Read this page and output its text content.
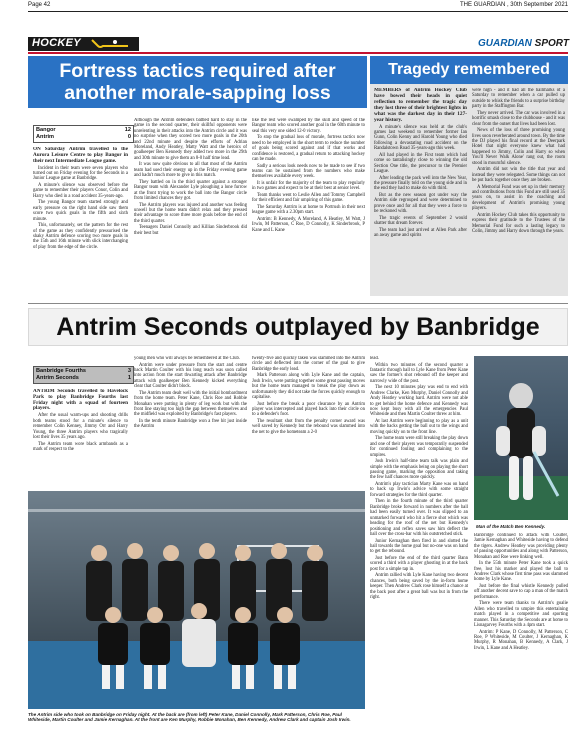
Page 42	THE GUARDIAN , 30th September 2021
HOCKEY	GUARDIAN SPORT
Fortress tactics required after
another morale-sapping loss
Bangor	12
Antrim	0

ON Saturday Antrim travelled to the Aurora Leisure Centre to play Bangor in their next Intermediate League game.

Incident in their team were seven players who turned out on Friday evening for the Seconds in a Junior League game at Banbridge.

A minute's silence was observed before the game to remember their players Conor, Colin and Harry who died in a road accident 35-years-ago.

The young Bangor team started strongly and early pressure on the right hand side saw them score two quick goals in the fifth and sixth minute.

This, unfortunately, set the pattern for the rest of the game as they confidently pressurised the shaky Antrim defence scoring two more goals in the 15th and 16th minute with slick interchanging of play from the edge of the circle.

Although the Antrim defenders battled hard to stay in the game in the second quarter, their skillful opponents were unrelenting in their attacks into the Antrim circle and it was no surprise when they scored two more goals in the 20th and 22nd minute and despite the efforts of Adrian Moreland, Andy Heatley, Matty Watt and the heroics of goalkeeper Ben Kennedy they added two more in the 29th and 30th minute to give them an 8-0 half time lead.

It was now quite obvious to all that most of the Antrim team had used their energy up in the Friday evening game and hadn't much more to give in this match.

They battled on in the third quarter against a stronger Bangor team with Alexander Lyle ploughing a lone furrow at the front trying to work the ball into the Bangor circle from limited chances they got.

The Antrim players was injured and another was feeling unwell but the home team didn't relax and they pressed their advantage to score three more goals before the end of the third quarter.

Teenagers Daniel Connolly and Killian Sinderbrook did their best but

like the rest were swamped by the skill and speed of the Bangor team who scored another goal in the 60th minute to seal this very one sided 12-0 victory.

To stop the gradual loss of morale, fortress tactics now need to be employed in the short term to reduce the number of goals being scored against and if that works and confidence is restored, a gradual return to attacking hockey can be made.

Sadly a serious look needs now to be made to see if two teams can be sustained from the numbers who make themselves available every week.

It is unfair for the majority of the team to play regularly in two games and expect to be at their best at senior level.

Team thanks went to Leslie Allen and Tommy Campbell for their efficient and fair umpiring of this game.

The Saturday Antrim is at home to Portrush in their next league game with a 2.30pm start.

Antrim: B Kennedy, A Moreland, A Heatley, M Watt, J Irwin, M Patterson, C Roe, D Connolly, K Sinderbrook, P Kane and L Kane

Tragedy remembered

MEMBERS of Antrim Hockey Club have bowed their heads in quiet reflection to remember the tragic day they lost three of their brightest lights in what was the darkest day in their 127-year history.

A minute's silence was held at the club's games last weekend to remember former Ian Gunn, Colin Kenny and Harold Young who died following a devastating road accident on the Randalstown Road 35-years-ago this week.

All had played in the First team which had come so tantalisingly close to winning the old Section One title, the precursor to the Premier League.

After leading the pack well into the New Year, the pressure finally told on the young side and in the end they had to make do with third.

But as the new season got under way the Antrim side regrouped and were determined to prove once and for all that they were a force to be reckoned with.

The tragic events of September 2 would shatter that dream forever.

The team had just arrived at Allen Park after an away game and spirits

were high - and it had all the hallmarks of a Saturday to remember when a car pulled up outside to whisk the friends to a surprise birthday party in the Staffington Bar.

They never arrived. The car was involved in a horrific smash close to the clubhouse - and it was clear from the outset that lives had been lost.

News of the loss of three promising young lives soon reverberated around town. By the time the DJ played his final record at the Deerpark Hotel that night everyone knew what had happened to Jimmy, Colin and Harry so when You'll Never Walk Alone' rang out, the room stood in mournful silence.

Antrim did not win the title that year and instead they were relegated. Some things can not be put back together once they are broken.

A Memorial Fund was set up in their memory and contributions from this Fund are still used 35 years on, to assist in the coaching and development of Antrim's promising young players.

Antrim Hockey Club takes this opportunity to express their gratitude to the Trustees of the Memorial Fund for such a lasting legacy to Colin, Jimmy and Harry down through the years.

Antrim Seconds outplayed by Banbridge
Banbridge Fourths	3
Antrim Seconds	1

ANTRIM Seconds travelled to Havelock Park to play Banbridge Fourths last Friday night with a squad of fourteen players.

After the usual warm-ups and shooting drills both teams stood for a minute's silence to remember Colin Kenney, Jimmy Orr and Harry Young, the three Antrim players who tragically lost their lives 35 years ago.

The Antrim team wore black armbands as a mark of respect to the

young men who will always be remembered at the Club.

Antrim were under pressure from the start and centre back Martin Coulter with his long reach was soon called into action from the start thwarting attack after Banbridge attack with goalkeeper Ben Kennedy kicked everything clear that Coulter didn't block.

The Antrim team dealt well with the initial bombardment from the home team. Peter Kane, Chris Roe and Robbie Monahan were putting in plenty of leg work but with the front line staying too high the gap between themselves and the midfield was exploited by Banbridge's fast players.

In the tenth minute Banbridge won a free hit just inside the Antrim

twenty-five and quickly taken was slammed into the Antrim circle and deflected into the corner of the goal to give Banbridge the early lead.

Mark Patterson along with Lyle Kane and the captain, Josh Irwin, were putting together some great passing moves but the home team managed to break the play down as unfortunately they did not take the forces quickly enough to capitalise.

Just before the break a poor clearance by an Antrim player was intercepted and played back into their circle on to a defender's foot.

The resultant shot from the penalty corner award was well saved by Kennedy but the rebound was slammed into the net to give the hometeam a 2-0

lead.

Within two minutes of the second quarter a fantastic through ball to Lyle Kane from Peter Kane saw the former's shot rebound off the keeper and narrowly wide of the post.

The next 10 minutes play was end to end with Andrew Clarke, Ken Murphy, Daniel Connolly and Andy Heatley working hard. Antrim were not able to get behind the home defence and Kennedy was now kept busy with all the emergencies Paul Whiteside and then Martin Coulter threw at him.

At last Antrim were beginning to play as a unit with the backs getting the ball out to the wings and moving quickly on to the front line.

The home team were still breaking the play down and one of their players was temporarily suspended for continued fouling and complaining to the umpires.

Josh Irwin's half-time team talk was plain and simple with the emphasis being on playing the short passing game, marking the opposition and taking the few half chances more quickly.

Antrim's play tactician Marty Kane was on hand to back up Irwin's advice with some straight forward strategies for the third quarter.

Then in the fourth minute of the third quarter Banbridge broke forward in numbers after the ball had been easily turned over. It was slipped to an unmarked forward who hit a fierce shot which was heading for the roof of the net but Kennedy's positioning and reflex saves saw him deflect the ball over the cross-bar with his outstretched stick.

Junior Kernaghan then fired in and slotted the ball towards the home goal but no-one was on hand to get the rebound.

Just before the end of the third quarter Bann scored a third with a player ghosting in at the back post for a simple tap in.

Antrim rallied with Lyle Kane having two decent chances, both being saved by the in-form home keeper. Then Andrew Clark rose himself a chance at the back post after a great ball was but in from the right.

Man of the Match Ben Kennedy.

Banbridge continued to attack with Coulter, Jamie Kernaghan and Whiteside having to defend the tigers. Andrew Heatley was providing plenty of passing opportunities and along with Patterson, Monahan and Roe were linking well.

In the 55th minute Peter Kane took a quick free, lost his marker and played the ball to Andrew Clark whose first time pass was slammed home by Lyle Kane.

Just before the final whistle Kennedy pulled off another decent save to cap a man of the match performance.

There were team thanks to Antrim's goalie Allen who travelled to umpire this entertaining match played in a competitive and sporting manner. This Saturday the Seconds are at home to Lisnagarvey Fourths with a 4pm start.

Antrim: P Kane, D Connolly, M Patterson, C Roe, P Whiteside, M Coulter, J Kernaghan, K Murphy, R Monahan, B Kennedy, A Clark, J Irwin, L Kane and A Heatley.

The Antrim side who took on Banbridge on Friday night. At the back are (from left) Peter Kane, Daniel Connolly, Mark Patterson, Chris Roe, Paul Whiteside, Martin Coulter and Jamie Kernaghan. At the front are Ken Murphy, Robbie Monahan, Ben Kennedy, Andrew Clark and captain Josh Irwin.
